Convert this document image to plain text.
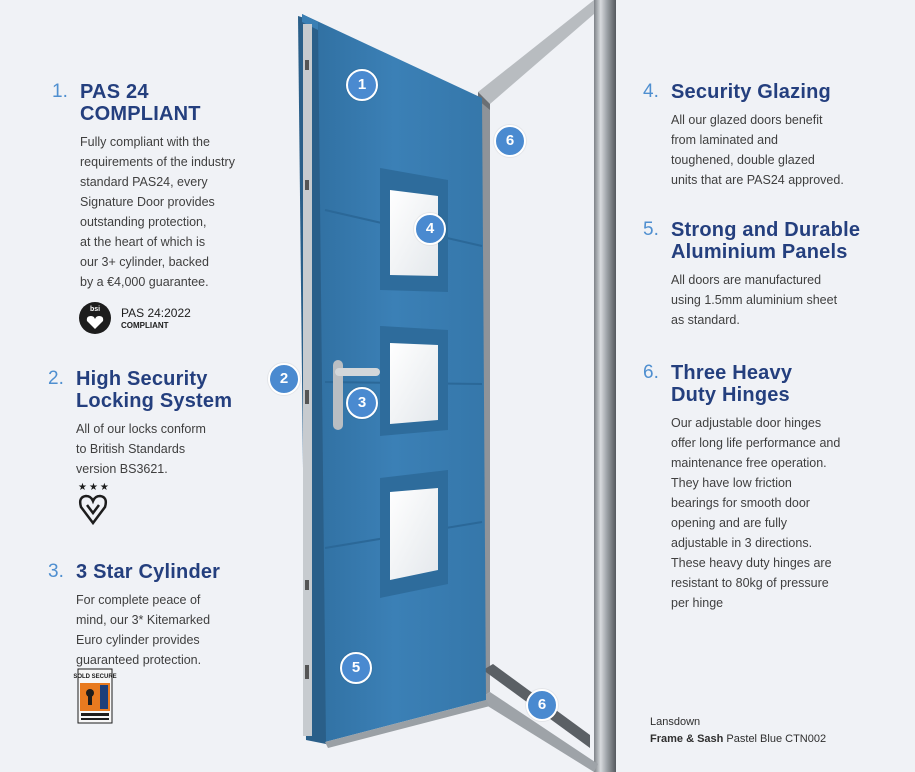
1
2
3
4
5
6
6
1. PAS 24
COMPLIANT

Fully compliant with the
requirements of the industry
standard PAS24, every
Signature Door provides
outstanding protection,
at the heart of which is
our 3+ cylinder, backed
by a €4,000 guarantee.

bsi	PAS 24:2022
COMPLIANT
2. High Security
Locking System

All of our locks conform
to British Standards
version BS3621.

★★★
3. 3 Star Cylinder

For complete peace of
mind, our 3* Kitemarked
Euro cylinder provides
guaranteed protection.

SOLD SECURE
4. Security Glazing

All our glazed doors benefit
from laminated and
toughened, double glazed
units that are PAS24 approved.

5. Strong and Durable
Aluminium Panels

All doors are manufactured
using 1.5mm aluminium sheet
as standard.

6. Three Heavy
Duty Hinges

Our adjustable door hinges
offer long life performance and
maintenance free operation.
They have low friction
bearings for smooth door
opening and are fully
adjustable in 3 directions.
These heavy duty hinges are
resistant to 80kg of pressure
per hinge

Lansdown
Frame & Sash Pastel Blue CTN002
